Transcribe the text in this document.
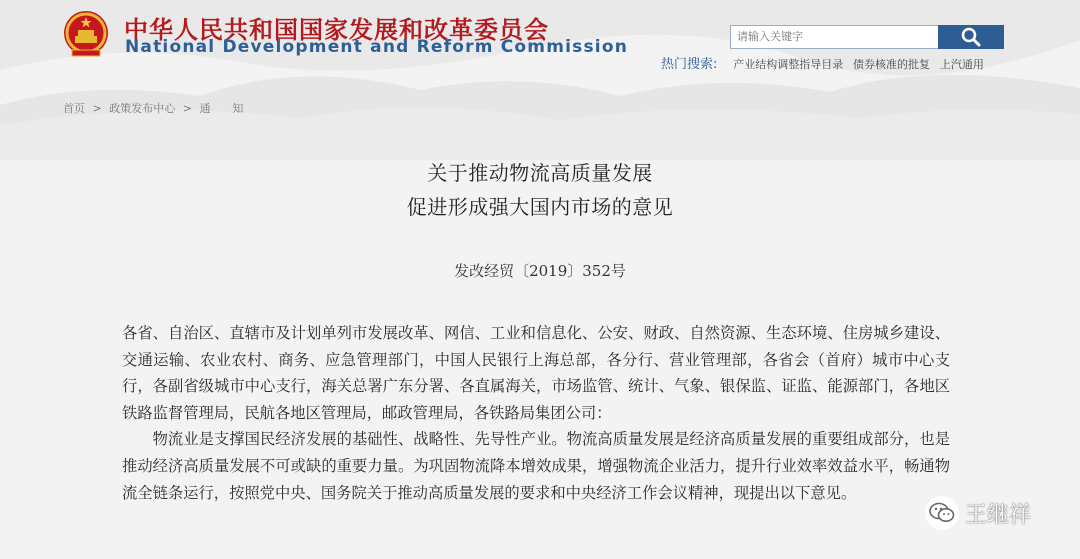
中华人民共和国国家发展和改革委员会
National Development and Reform Commission
请输入关键字
热门搜索: 产业结构调整指导目录 债券核准的批复 上汽通用
首页 > 政策发布中心 > 通　　知
关于推动物流高质量发展
促进形成强大国内市场的意见
发改经贸〔2019〕352号

各省、自治区、直辖市及计划单列市发展改革、网信、工业和信息化、公安、财政、自然资源、生态环境、住房城乡建设、交通运输、农业农村、商务、应急管理部门，中国人民银行上海总部，各分行、营业管理部，各省会（首府）城市中心支行，各副省级城市中心支行，海关总署广东分署、各直属海关，市场监管、统计、气象、银保监、证监、能源部门，各地区铁路监督管理局，民航各地区管理局，邮政管理局，各铁路局集团公司：

物流业是支撑国民经济发展的基础性、战略性、先导性产业。物流高质量发展是经济高质量发展的重要组成部分，也是推动经济高质量发展不可或缺的重要力量。为巩固物流降本增效成果，增强物流企业活力，提升行业效率效益水平，畅通物流全链条运行，按照党中央、国务院关于推动高质量发展的要求和中央经济工作会议精神，现提出以下意见。

王继祥
